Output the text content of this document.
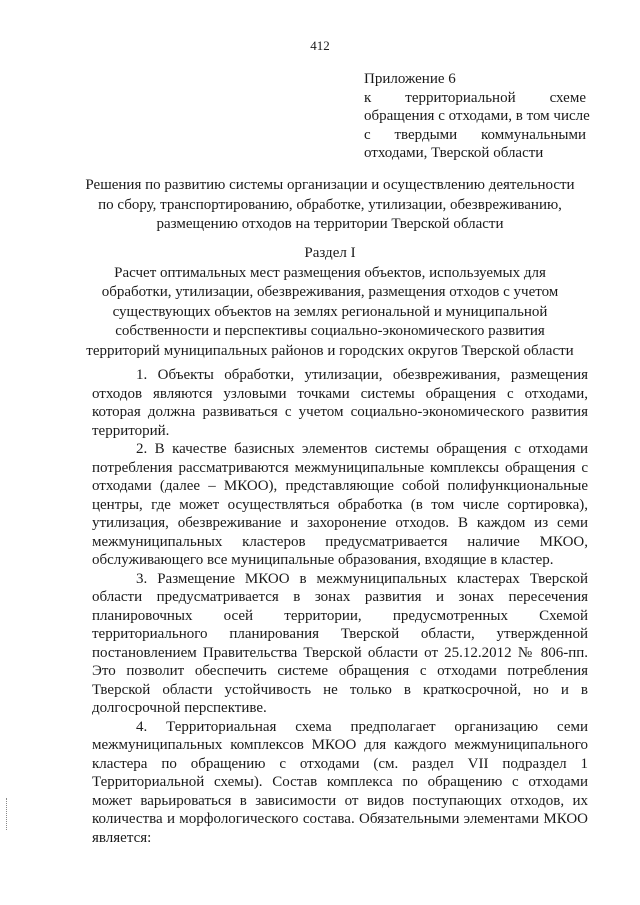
412
Приложение 6
к территориальной схеме
обращения с отходами, в том числе
с твердыми коммунальными
отходами, Тверской области
Решения по развитию системы организации и осуществлению деятельности
по сбору, транспортированию, обработке, утилизации, обезвреживанию,
размещению отходов на территории Тверской области
Раздел I
Расчет оптимальных мест размещения объектов, используемых для
обработки, утилизации, обезвреживания, размещения отходов с учетом
существующих объектов на землях региональной и муниципальной
собственности и перспективы социально-экономического развития
территорий муниципальных районов и городских округов Тверской области

1. Объекты обработки, утилизации, обезвреживания, размещения отходов являются узловыми точками системы обращения с отходами, которая должна развиваться с учетом социально-экономического развития территорий.

2. В качестве базисных элементов системы обращения с отходами потребления рассматриваются межмуниципальные комплексы обращения с отходами (далее – МКОО), представляющие собой полифункциональные центры, где может осуществляться обработка (в том числе сортировка), утилизация, обезвреживание и захоронение отходов. В каждом из семи межмуниципальных кластеров предусматривается наличие МКОО, обслуживающего все муниципальные образования, входящие в кластер.

3. Размещение МКОО в межмуниципальных кластерах Тверской области предусматривается в зонах развития и зонах пересечения планировочных осей территории, предусмотренных Схемой территориального планирования Тверской области, утвержденной постановлением Правительства Тверской области от 25.12.2012 № 806-пп. Это позволит обеспечить системе обращения с отходами потребления Тверской области устойчивость не только в краткосрочной, но и в долгосрочной перспективе.

4. Территориальная схема предполагает организацию семи межмуниципальных комплексов МКОО для каждого межмуниципального кластера по обращению с отходами (см. раздел VII подраздел 1 Территориальной схемы). Состав комплекса по обращению с отходами может варьироваться в зависимости от видов поступающих отходов, их количества и морфологического состава. Обязательными элементами МКОО является:
